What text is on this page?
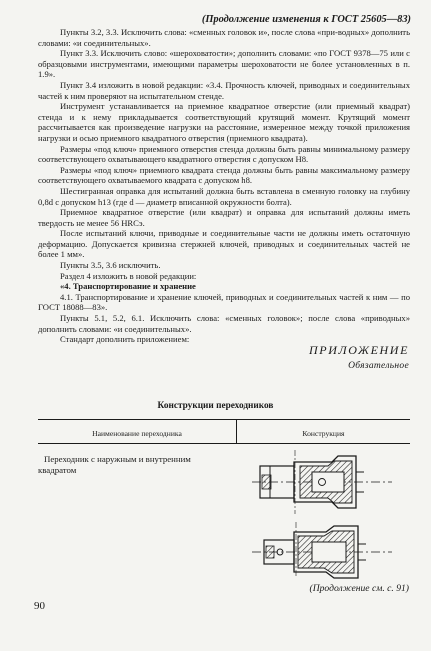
(Продолжение изменения к ГОСТ 25605—83)

Пункты 3.2, 3.3. Исключить слова: «сменных головок и», после слова «при-водных» дополнить словами: «и соединительных».

Пункт 3.3. Исключить слово: «шероховатости»; дополнить словами: «по ГОСТ 9378—75 или с образцовыми инструментами, имеющими параметры шероховатости не более установленных в п. 1.9».

Пункт 3.4 изложить в новой редакции: «3.4. Прочность ключей, приводных и соединительных частей к ним проверяют на испытательном стенде.

Инструмент устанавливается на приемное квадратное отверстие (или приемный квадрат) стенда и к нему прикладывается соответствующий крутящий момент. Крутящий момент рассчитывается как произведение нагрузки на расстояние, измеренное между точкой приложения нагрузки и осью приемного квадратного отверстия (приемного квадрата).

Размеры «под ключ» приемного отверстия стенда должны быть равны минимальному размеру соответствующего охватывающего квадратного отверстия с допуском H8.

Размеры «под ключ» приемного квадрата стенда должны быть равны максимальному размеру соответствующего охватываемого квадрата с допуском h8.

Шестигранная оправка для испытаний должна быть вставлена в сменную головку на глубину 0,8d с допуском h13 (где d — диаметр вписанной окружности болта).

Приемное квадратное отверстие (или квадрат) и оправка для испытаний должны иметь твердость не менее 56 HRCэ.

После испытаний ключи, приводные и соединительные части не должны иметь остаточную деформацию. Допускается кривизна стержней ключей, приводных и соединительных частей не более 1 мм».

Пункты 3.5, 3.6 исключить.

Раздел 4 изложить в новой редакции:

«4. Транспортирование и хранение

4.1. Транспортирование и хранение ключей, приводных и соединительных частей к ним — по ГОСТ 18088—83».

Пункты 5.1, 5.2, 6.1. Исключить слова: «сменных головок»; после слова «приводных» дополнить словами: «и соединительных».

Стандарт дополнить приложением:

ПРИЛОЖЕНИЕ
Обязательное
Конструкции переходников
Наименование переходника	Конструкция
Переходник с наружным и внутренним квадратом
(Продолжение см. с. 91)
90
